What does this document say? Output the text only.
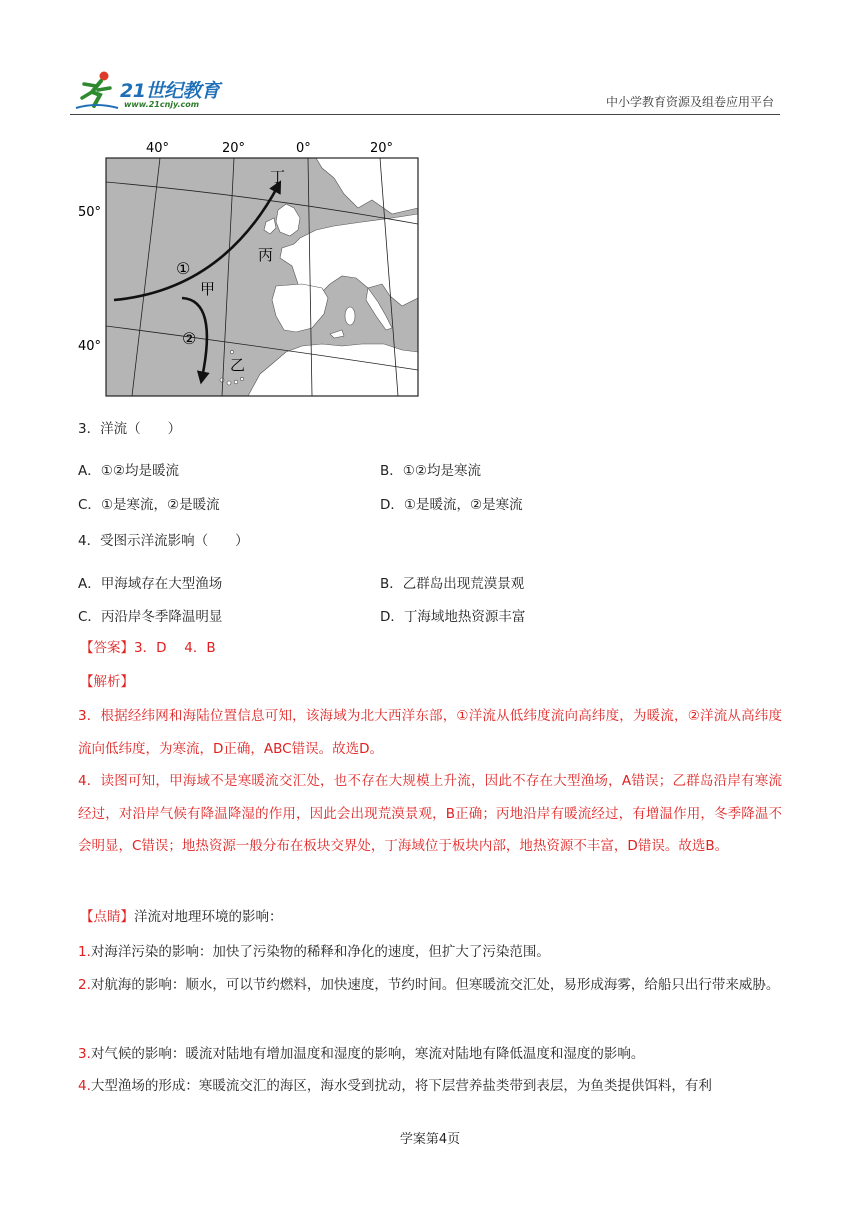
21世纪教育
www.21cnjy.com	中小学教育资源及组卷应用平台
40°	20°	0°	20°
50°
40°
丁
丙
甲
乙
①
②
3．洋流（　　）
A．①②均是暖流	B．①②均是寒流
C．①是寒流，②是暖流	D．①是暖流，②是寒流
4．受图示洋流影响（　　）
A．甲海域存在大型渔场	B．乙群岛出现荒漠景观
C．丙沿岸冬季降温明显	D．丁海域地热资源丰富
【答案】3．D　 4．B
【解析】
3．根据经纬网和海陆位置信息可知，该海域为北大西洋东部，①洋流从低纬度流向高纬度，为暖流，②洋流从高纬度流向低纬度，为寒流，D正确，ABC错误。故选D。
4．读图可知，甲海域不是寒暖流交汇处，也不存在大规模上升流，因此不存在大型渔场，A错误；乙群岛沿岸有寒流经过，对沿岸气候有降温降湿的作用，因此会出现荒漠景观，B正确；丙地沿岸有暖流经过，有增温作用，冬季降温不会明显，C错误；地热资源一般分布在板块交界处，丁海域位于板块内部，地热资源不丰富，D错误。故选B。
【点睛】洋流对地理环境的影响：
1.对海洋污染的影响：加快了污染物的稀释和净化的速度，但扩大了污染范围。
2.对航海的影响：顺水，可以节约燃料，加快速度，节约时间。但寒暖流交汇处，易形成海雾，给船只出行带来威胁。
3.对气候的影响：暖流对陆地有增加温度和湿度的影响，寒流对陆地有降低温度和湿度的影响。
4.大型渔场的形成：寒暖流交汇的海区，海水受到扰动，将下层营养盐类带到表层，为鱼类提供饵料，有利
学案第4页
